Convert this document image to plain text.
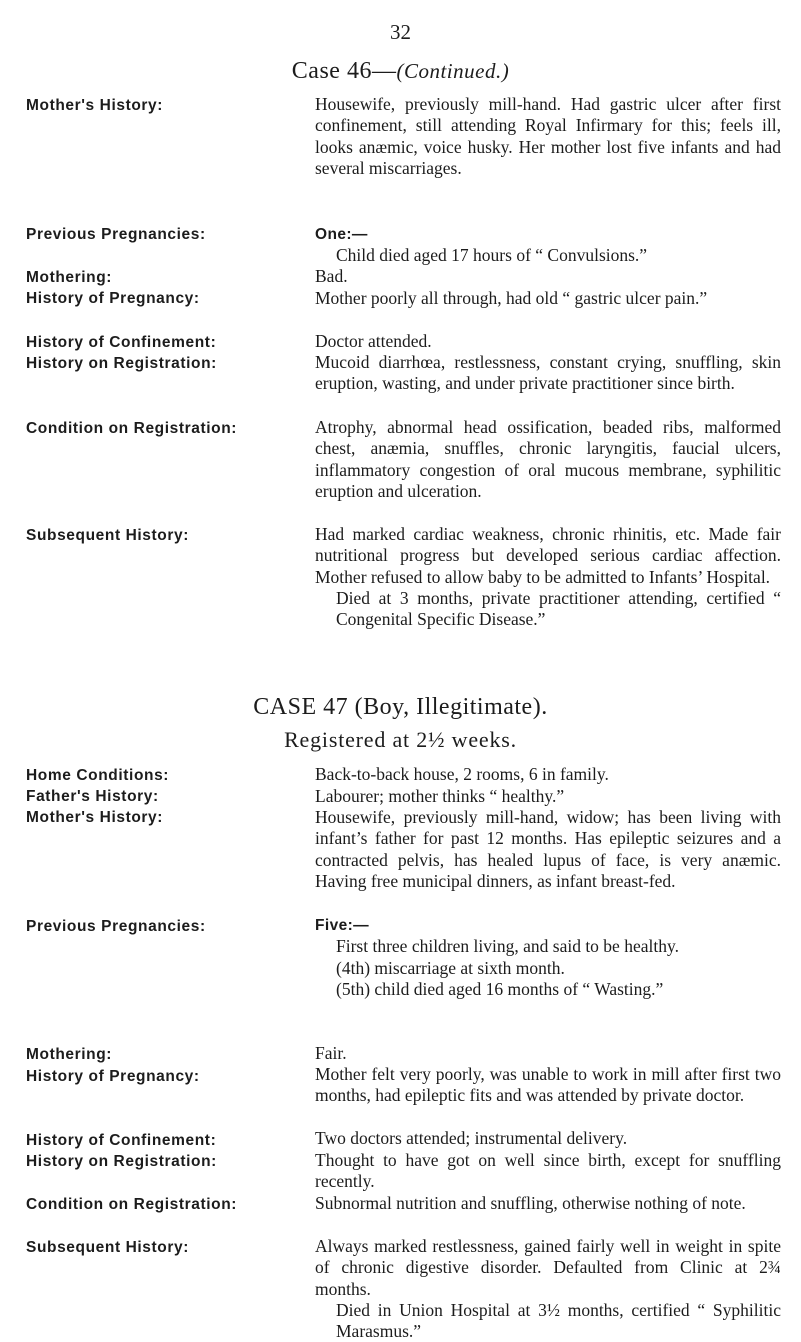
32
Case 46—(Continued.)
Mother's History:	Housewife, previously mill-hand. Had gastric ulcer after first confinement, still attending Royal Infirmary for this; feels ill, looks anæmic, voice husky. Her mother lost five infants and had several miscarriages.
Previous Pregnancies:	One:—
Child died aged 17 hours of “ Convulsions.”
Mothering:	Bad.
History of Pregnancy:	Mother poorly all through, had old “ gastric ulcer pain.”
History of Confinement:	Doctor attended.
History on Registration:	Mucoid diarrhœa, restlessness, constant crying, snuffling, skin eruption, wasting, and under private practitioner since birth.
Condition on Registration:	Atrophy, abnormal head ossification, beaded ribs, malformed chest, anæmia, snuffles, chronic laryngitis, faucial ulcers, inflammatory congestion of oral mucous membrane, syphilitic eruption and ulceration.
Subsequent History:	Had marked cardiac weakness, chronic rhinitis, etc. Made fair nutritional progress but developed serious cardiac affection. Mother refused to allow baby to be admitted to Infants’ Hospital.
Died at 3 months, private practitioner attending, certified “ Congenital Specific Disease.”
CASE 47 (Boy, Illegitimate).
Registered at 2½ weeks.
Home Conditions:	Back-to-back house, 2 rooms, 6 in family.
Father's History:	Labourer; mother thinks “ healthy.”
Mother's History:	Housewife, previously mill-hand, widow; has been living with infant’s father for past 12 months. Has epileptic seizures and a contracted pelvis, has healed lupus of face, is very anæmic. Having free municipal dinners, as infant breast-fed.
Previous Pregnancies:	Five:—
First three children living, and said to be healthy.
(4th) miscarriage at sixth month.
(5th) child died aged 16 months of “ Wasting.”
Mothering:	Fair.
History of Pregnancy:	Mother felt very poorly, was unable to work in mill after first two months, had epileptic fits and was attended by private doctor.
History of Confinement:	Two doctors attended; instrumental delivery.
History on Registration:	Thought to have got on well since birth, except for snuffling recently.
Condition on Registration:	Subnormal nutrition and snuffling, otherwise nothing of note.
Subsequent History:	Always marked restlessness, gained fairly well in weight in spite of chronic digestive disorder. Defaulted from Clinic at 2¾ months.
Died in Union Hospital at 3½ months, certified “ Syphilitic Marasmus.”
